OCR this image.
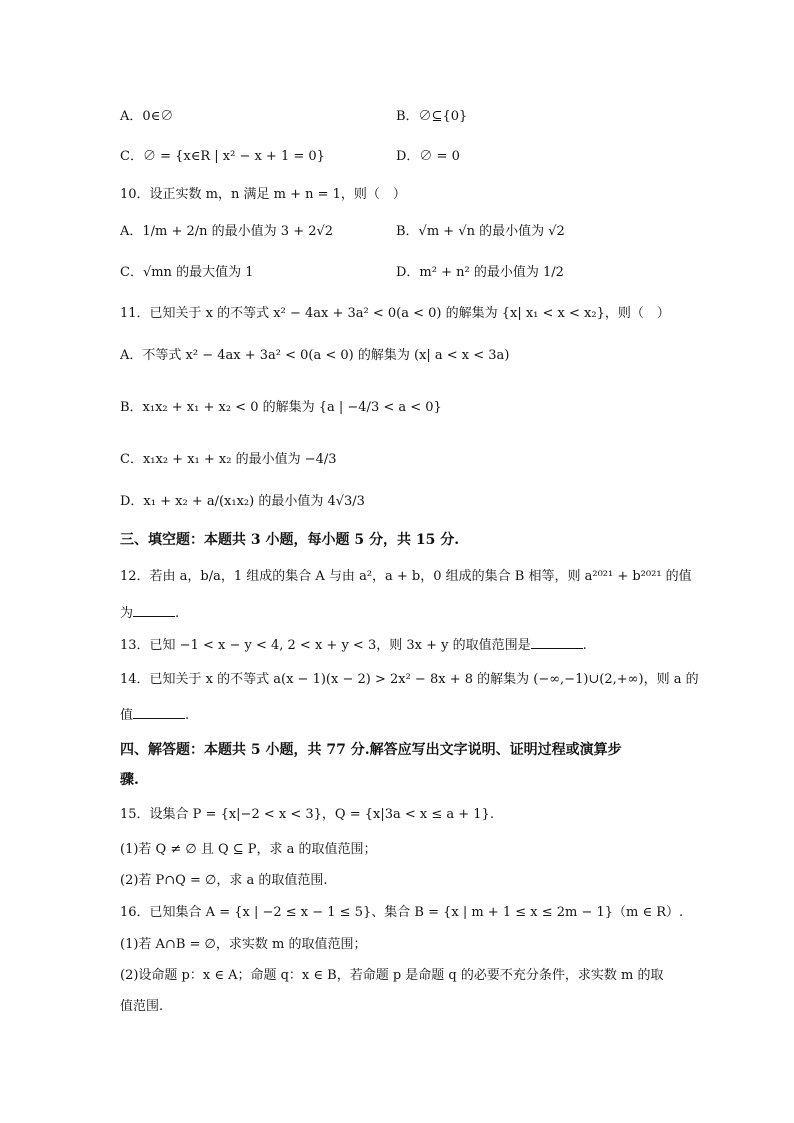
A．0∈∅	B．∅⊆{0}
C．∅ = {x∈R | x² − x + 1 = 0}	D．∅ = 0
10．设正实数 m，n 满足 m + n = 1，则（　）
A．1/m + 2/n 的最小值为 3 + 2√2	B．√m + √n 的最小值为 √2
C．√mn 的最大值为 1	D．m² + n² 的最小值为 1/2
11．已知关于 x 的不等式 x² − 4ax + 3a² < 0(a < 0) 的解集为 {x| x₁ < x < x₂}，则（　）
A．不等式 x² − 4ax + 3a² < 0(a < 0) 的解集为 (x| a < x < 3a)
B．x₁x₂ + x₁ + x₂ < 0 的解集为 {a | −4/3 < a < 0}
C．x₁x₂ + x₁ + x₂ 的最小值为 −4/3
D．x₁ + x₂ + a/(x₁x₂) 的最小值为 4√3/3
三、填空题：本题共 3 小题，每小题 5 分，共 15 分.
12．若由 a，b/a，1 组成的集合 A 与由 a²，a + b，0 组成的集合 B 相等，则 a²⁰²¹ + b²⁰²¹ 的值
为	.
13．已知 −1 < x − y < 4, 2 < x + y < 3，则 3x + y 的取值范围是	.
14．已知关于 x 的不等式 a(x − 1)(x − 2) > 2x² − 8x + 8 的解集为 (−∞,−1)∪(2,+∞)，则 a 的
值	.
四、解答题：本题共 5 小题，共 77 分.解答应写出文字说明、证明过程或演算步
骤.
15．设集合 P = {x|−2 < x < 3}，Q = {x|3a < x ≤ a + 1}.
(1)若 Q ≠ ∅ 且 Q ⊆ P，求 a 的取值范围；
(2)若 P∩Q = ∅，求 a 的取值范围.
16．已知集合 A = {x | −2 ≤ x − 1 ≤ 5}、集合 B = {x | m + 1 ≤ x ≤ 2m − 1}（m ∈ R）.
(1)若 A∩B = ∅，求实数 m 的取值范围；
(2)设命题 p：x ∈ A；命题 q：x ∈ B，若命题 p 是命题 q 的必要不充分条件，求实数 m 的取
值范围.
